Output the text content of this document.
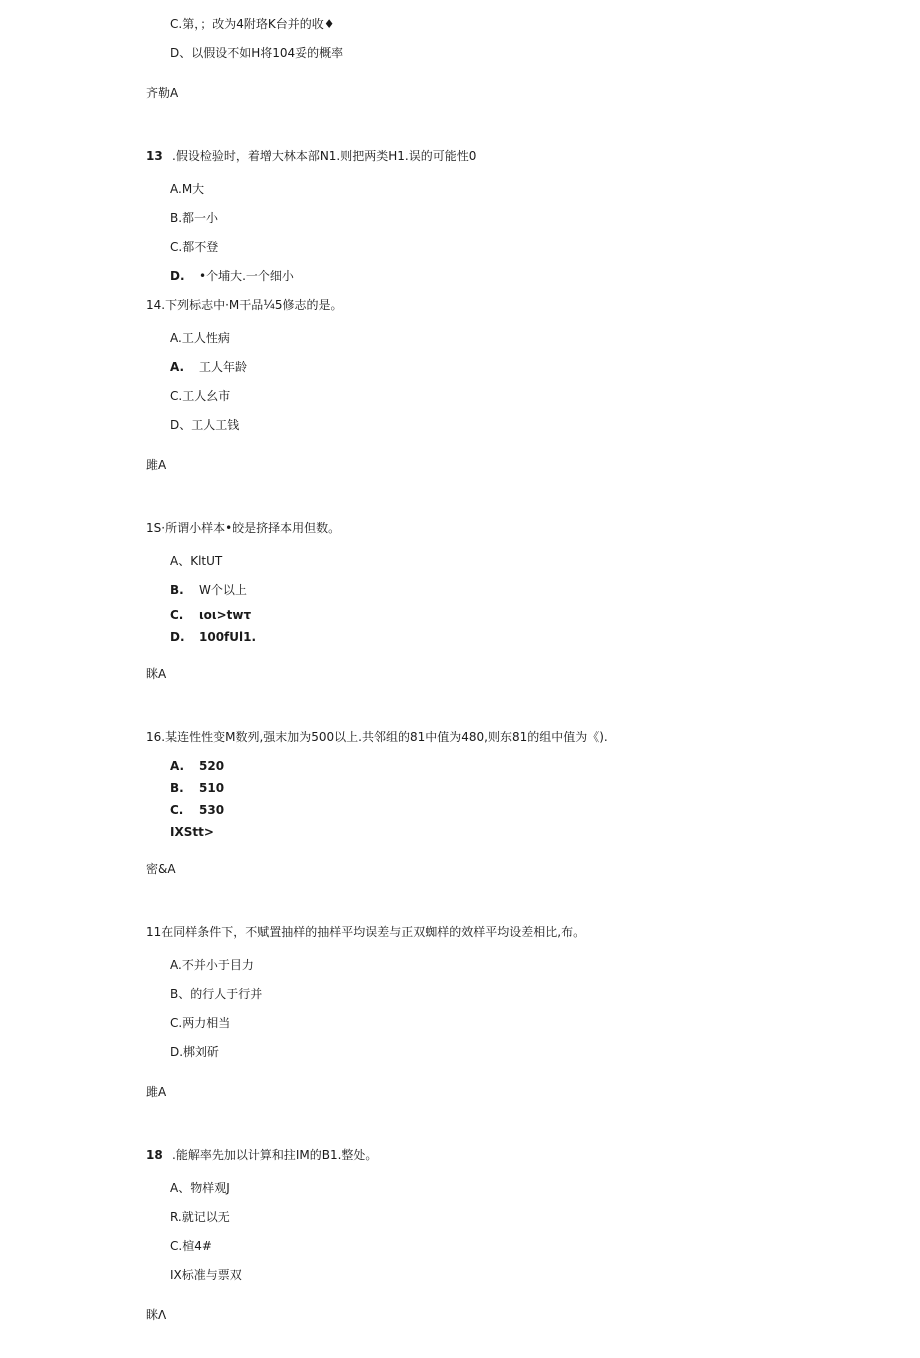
C.第，；改为4附珞K台并的收♦
D、以假设不如H将104妥的概率
齐勒A
13 .假设检验时，着增大林本部N1.则把两类H1.误的可能性0
A.M大
B.都一小
C.都不登
D. •个埔大.一个细小
14.下列标志中·M干品¼5修志的是。
A.工人性病
A. 工人年龄
C.工人幺市
D、工人工钱
雎A
1S·所谓小样本•皎是挤择本用但数。
A、KltUT
B. W个以上
C. ιoι>twτ
D. 100fUl1.
眯A
16.某连性性变M数列,强末加为500以上.共邻组的81中值为480,则东81的组中值为《).
A. 520
B. 510
C. 530
IXStt>
密&A
11在同样条件下，不赋置抽样的抽样平均误差与正双蜘样的效样平均设差相比,布。
A.不并小于目力
B、的行人于行并
C.两力相当
D.梆刘斫
雎A
18 .能解率先加以计算和拄IM的B1.整处。
A、物样观J
R.就记以无
C.楦4#
IX标准与票双
眯Λ
